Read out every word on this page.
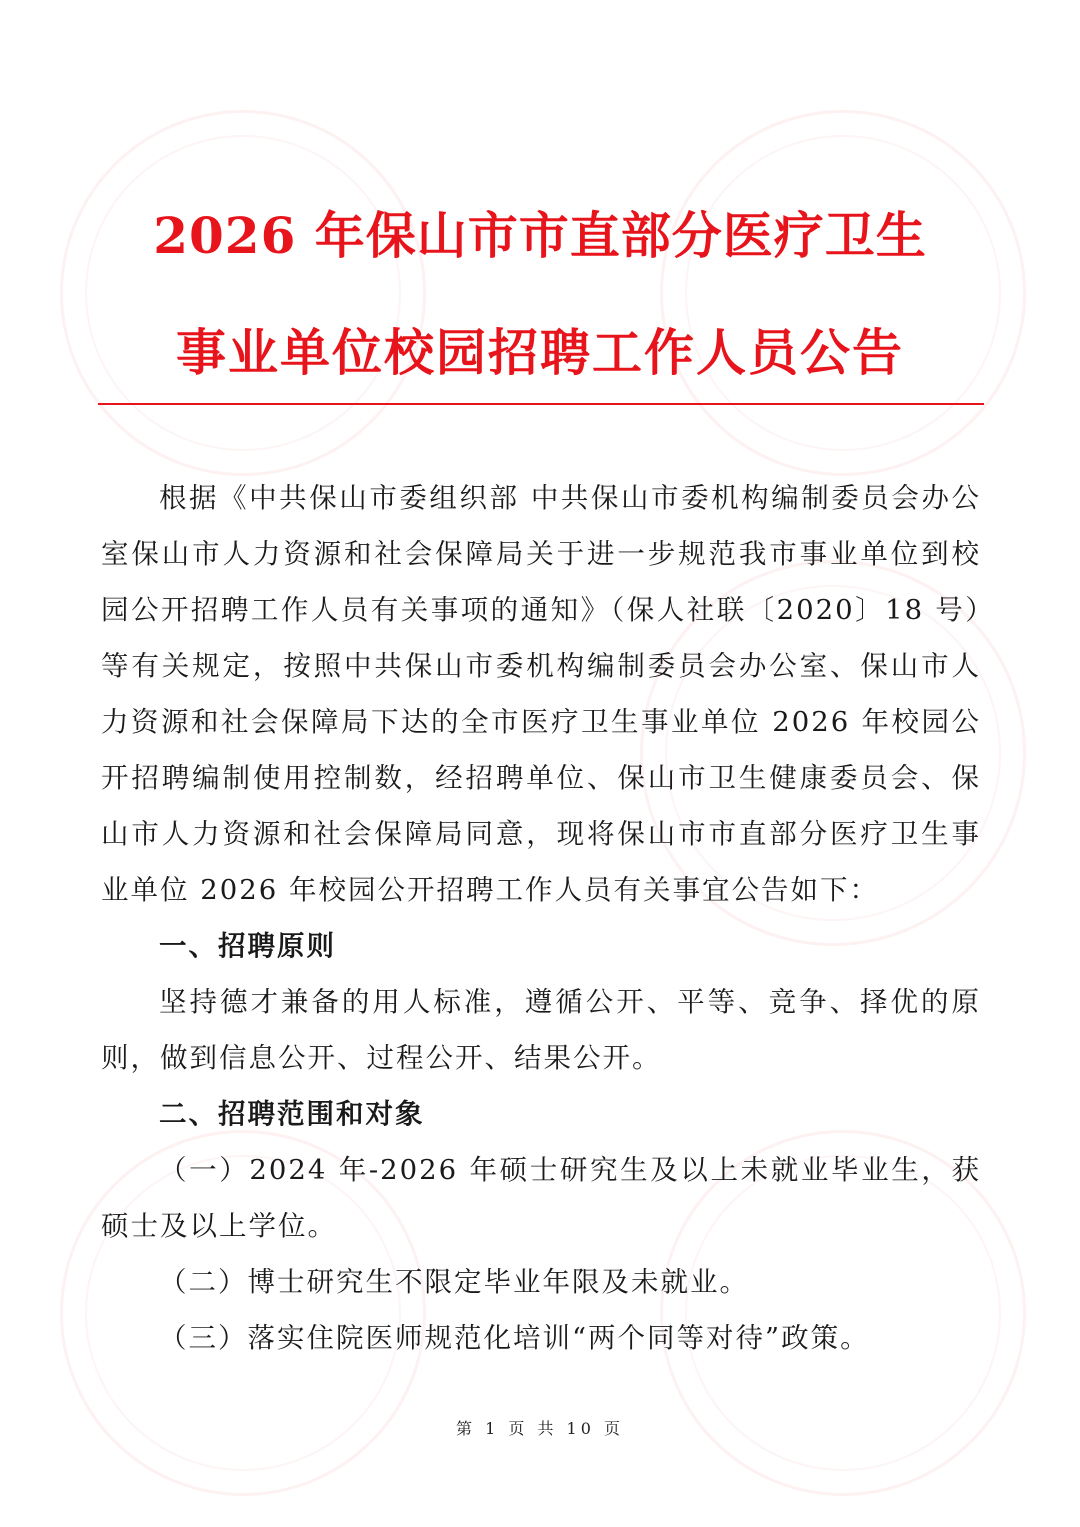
2026 年保山市市直部分医疗卫生
事业单位校园招聘工作人员公告

根据《中共保山市委组织部 中共保山市委机构编制委员会办公室保山市人力资源和社会保障局关于进一步规范我市事业单位到校园公开招聘工作人员有关事项的通知》（保人社联〔2020〕18 号）等有关规定，按照中共保山市委机构编制委员会办公室、保山市人力资源和社会保障局下达的全市医疗卫生事业单位 2026 年校园公开招聘编制使用控制数，经招聘单位、保山市卫生健康委员会、保山市人力资源和社会保障局同意，现将保山市市直部分医疗卫生事业单位 2026 年校园公开招聘工作人员有关事宜公告如下：

一、招聘原则

坚持德才兼备的用人标准，遵循公开、平等、竞争、择优的原则，做到信息公开、过程公开、结果公开。

二、招聘范围和对象

（一）2024 年-2026 年硕士研究生及以上未就业毕业生，获硕士及以上学位。

（二）博士研究生不限定毕业年限及未就业。

（三）落实住院医师规范化培训“两个同等对待”政策。

第 1 页 共 10 页
